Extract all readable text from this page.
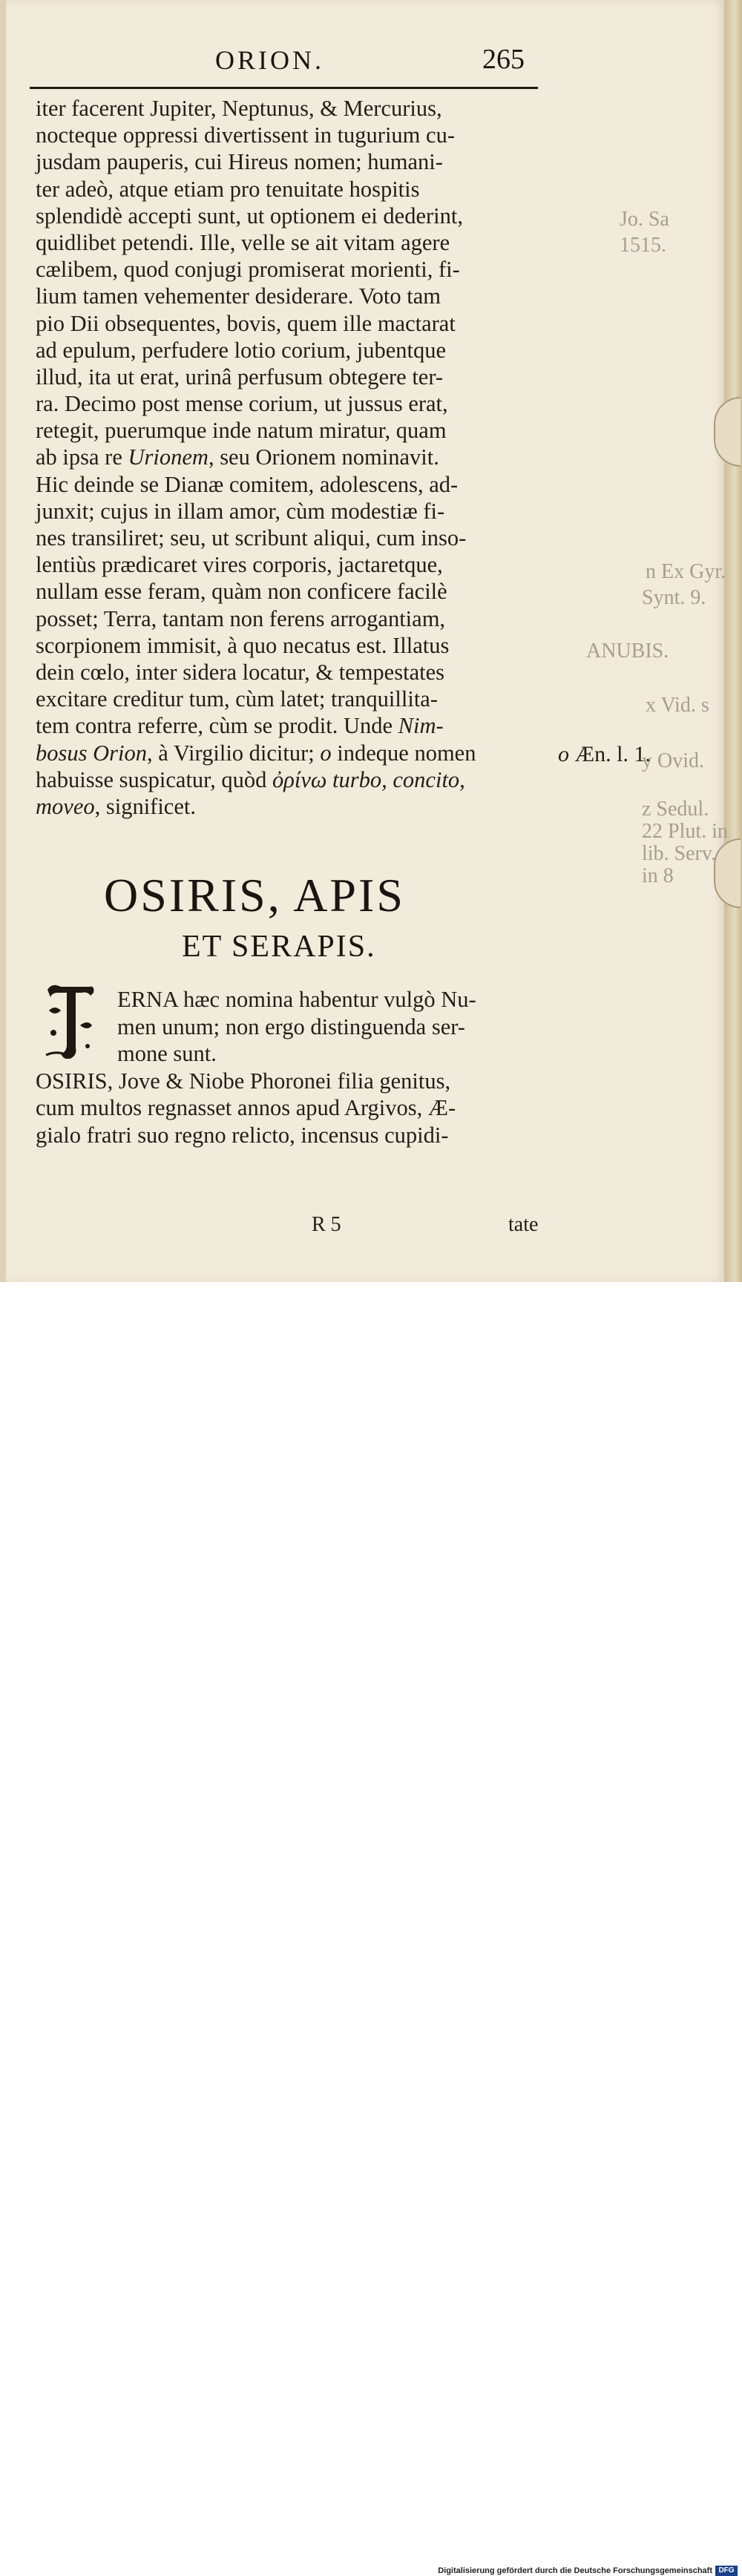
Jo. Sa
1515.
n Ex Gyr.
Synt. 9.
ANUBIS.
x Vid. s
y Ovid.
z Sedul.
22 Plut. in
lib. Serv.
in 8
ORION.	265
iter facerent Jupiter, Neptunus, & Mercurius,
nocteque oppressi divertissent in tugurium cu-
jusdam pauperis, cui Hireus nomen; humani-
ter adeò, atque etiam pro tenuitate hospitis
splendidè accepti sunt, ut optionem ei dederint,
quidlibet petendi. Ille, velle se ait vitam agere
cælibem, quod conjugi promiserat morienti, fi-
lium tamen vehementer desiderare. Voto tam
pio Dii obsequentes, bovis, quem ille mactarat
ad epulum, perfudere lotio corium, jubentque
illud, ita ut erat, urinâ perfusum obtegere ter-
ra. Decimo post mense corium, ut jussus erat,
retegit, puerumque inde natum miratur, quam
ab ipsa re Urionem, seu Orionem nominavit.
Hic deinde se Dianæ comitem, adolescens, ad-
junxit; cujus in illam amor, cùm modestiæ fi-
nes transiliret; seu, ut scribunt aliqui, cum inso-
lentiùs prædicaret vires corporis, jactaretque,
nullam esse feram, quàm non conficere facilè
posset; Terra, tantam non ferens arrogantiam,
scorpionem immisit, à quo necatus est. Illatus
dein cœlo, inter sidera locatur, & tempestates
excitare creditur tum, cùm latet; tranquillita-
tem contra referre, cùm se prodit. Unde Nim-
bosus Orion, à Virgilio dicitur; o indeque nomen
habuisse suspicatur, quòd ὀρίνω turbo, concito,
moveo, significet.
o Æn. l. 1.
OSIRIS, APIS
ET SERAPIS.
ERNA hæc nomina habentur vulgò Nu-
men unum; non ergo distinguenda ser-
mone sunt.
OSIRIS, Jove & Niobe Phoronei filia genitus,
cum multos regnasset annos apud Argivos, Æ-
gialo fratri suo regno relicto, incensus cupidi-
R 5	tate
Digitalisierung gefördert durch die Deutsche Forschungsgemeinschaft DFG
